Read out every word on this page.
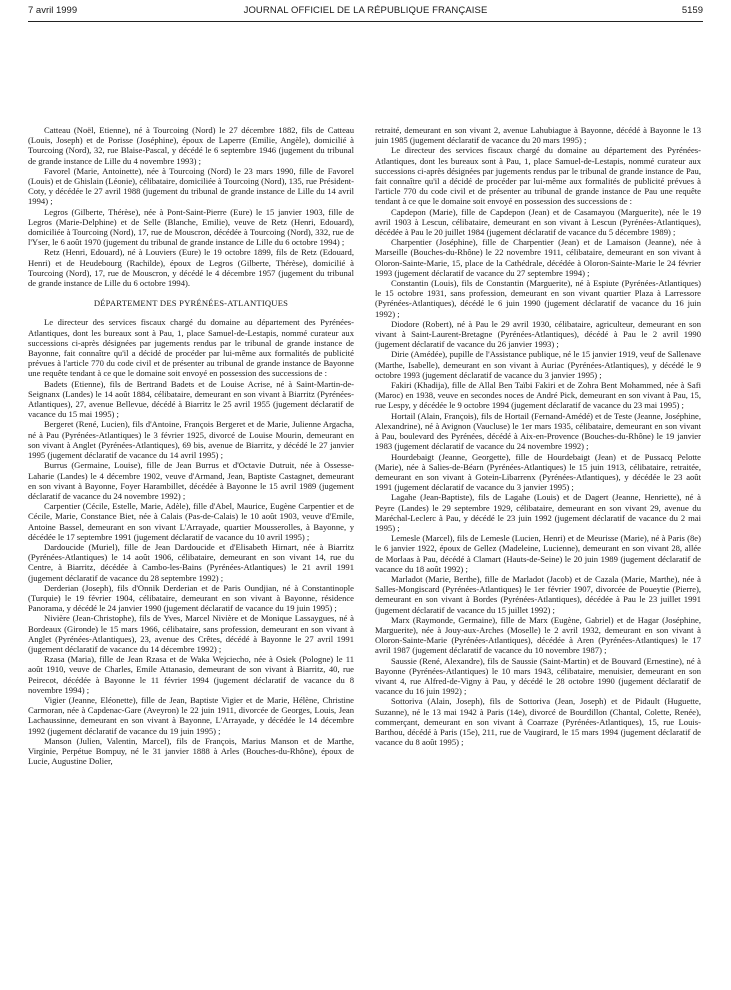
7 avril 1999	JOURNAL OFFICIEL DE LA RÉPUBLIQUE FRANÇAISE	5159

Catteau (Noël, Etienne), né à Tourcoing (Nord) le 27 décembre 1882, fils de Catteau (Louis, Joseph) et de Porisse (Joséphine), époux de Laperre (Emilie, Angèle), domicilié à Tourcoing (Nord), 32, rue Blaise-Pascal, y décédé le 6 septembre 1946 (jugement du tribunal de grande instance de Lille du 4 novembre 1993) ;

Favorel (Marie, Antoinette), née à Tourcoing (Nord) le 23 mars 1990, fille de Favorel (Louis) et de Ghislain (Léonie), célibataire, domiciliée à Tourcoing (Nord), 135, rue Président-Coty, y décédée le 27 avril 1988 (jugement du tribunal de grande instance de Lille du 14 avril 1994) ;

Legros (Gilberte, Thérèse), née à Pont-Saint-Pierre (Eure) le 15 janvier 1903, fille de Legros (Marie-Delphine) et de Selle (Blanche, Emilie), veuve de Retz (Henri, Edouard), domiciliée à Tourcoing (Nord), 17, rue de Mouscron, décédée à Tourcoing (Nord), 332, rue de l'Yser, le 6 août 1970 (jugement du tribunal de grande instance de Lille du 6 octobre 1994) ;

Retz (Henri, Edouard), né à Louviers (Eure) le 19 octobre 1899, fils de Retz (Edouard, Henri) et de Heudebourg (Rachilde), époux de Legros (Gilberte, Thérèse), domicilié à Tourcoing (Nord), 17, rue de Mouscron, y décédé le 4 décembre 1957 (jugement du tribunal de grande instance de Lille du 6 octobre 1994).

DÉPARTEMENT DES PYRÉNÉES-ATLANTIQUES

Le directeur des services fiscaux chargé du domaine au département des Pyrénées-Atlantiques, dont les bureaux sont à Pau, 1, place Samuel-de-Lestapis, nommé curateur aux successions ci-après désignées par jugements rendus par le tribunal de grande instance de Bayonne, fait connaître qu'il a décidé de procéder par lui-même aux formalités de publicité prévues à l'article 770 du code civil et de présenter au tribunal de grande instance de Bayonne une requête tendant à ce que le domaine soit envoyé en possession des successions de :

Badets (Etienne), fils de Bertrand Badets et de Louise Acrise, né à Saint-Martin-de-Seignanx (Landes) le 14 août 1884, célibataire, demeurant en son vivant à Biarritz (Pyrénées-Atlantiques), 27, avenue Bellevue, décédé à Biarritz le 25 avril 1955 (jugement déclaratif de vacance du 15 mai 1995) ;

Bergeret (René, Lucien), fils d'Antoine, François Bergeret et de Marie, Julienne Argacha, né à Pau (Pyrénées-Atlantiques) le 3 février 1925, divorcé de Louise Mourin, demeurant en son vivant à Anglet (Pyrénées-Atlantiques), 69 bis, avenue de Biarritz, y décédé le 27 janvier 1995 (jugement déclaratif de vacance du 14 avril 1995) ;

Burrus (Germaine, Louise), fille de Jean Burrus et d'Octavie Dutruit, née à Ossesse-Laharie (Landes) le 4 décembre 1902, veuve d'Armand, Jean, Baptiste Castagnet, demeurant en son vivant à Bayonne, Foyer Harambillet, décédée à Bayonne le 15 avril 1989 (jugement déclaratif de vacance du 24 novembre 1992) ;

Carpentier (Cécile, Estelle, Marie, Adèle), fille d'Abel, Maurice, Eugène Carpentier et de Cécile, Marie, Constance Biet, née à Calais (Pas-de-Calais) le 10 août 1903, veuve d'Emile, Antoine Bassel, demeurant en son vivant L'Arrayade, quartier Mousserolles, à Bayonne, y décédée le 17 septembre 1991 (jugement déclaratif de vacance du 10 avril 1995) ;

Dardoucide (Muriel), fille de Jean Dardoucide et d'Elisabeth Hirnart, née à Biarritz (Pyrénées-Atlantiques) le 14 août 1906, célibataire, demeurant en son vivant 14, rue du Centre, à Biarritz, décédée à Cambo-les-Bains (Pyrénées-Atlantiques) le 21 avril 1991 (jugement déclaratif de vacance du 28 septembre 1992) ;

Derderian (Joseph), fils d'Onnik Derderian et de Paris Oundjian, né à Constantinople (Turquie) le 19 février 1904, célibataire, demeurant en son vivant à Bayonne, résidence Panorama, y décédé le 24 janvier 1990 (jugement déclaratif de vacance du 19 juin 1995) ;

Nivière (Jean-Christophe), fils de Yves, Marcel Nivière et de Monique Lassaygues, né à Bordeaux (Gironde) le 15 mars 1966, célibataire, sans profession, demeurant en son vivant à Anglet (Pyrénées-Atlantiques), 23, avenue des Crêtes, décédé à Bayonne le 27 avril 1991 (jugement déclaratif de vacance du 14 décembre 1992) ;

Rzasa (Maria), fille de Jean Rzasa et de Waka Wejciecho, née à Osiek (Pologne) le 11 août 1910, veuve de Charles, Emile Attanasio, demeurant de son vivant à Biarritz, 40, rue Peirecot, décédée à Bayonne le 11 février 1994 (jugement déclaratif de vacance du 8 novembre 1994) ;

Vigier (Jeanne, Eléonette), fille de Jean, Baptiste Vigier et de Marie, Hélène, Christine Carmoran, née à Capdenac-Gare (Aveyron) le 22 juin 1911, divorcée de Georges, Louis, Jean Lachaussinne, demeurant en son vivant à Bayonne, L'Arrayade, y décédée le 14 décembre 1992 (jugement déclaratif de vacance du 19 juin 1995) ;

Manson (Julien, Valentin, Marcel), fils de François, Marius Manson et de Marthe, Virginie, Perpétue Bompuy, né le 31 janvier 1888 à Arles (Bouches-du-Rhône), époux de Lucie, Augustine Dolier,

retraité, demeurant en son vivant 2, avenue Lahubiague à Bayonne, décédé à Bayonne le 13 juin 1985 (jugement déclaratif de vacance du 20 mars 1995) ;

Le directeur des services fiscaux chargé du domaine au département des Pyrénées-Atlantiques, dont les bureaux sont à Pau, 1, place Samuel-de-Lestapis, nommé curateur aux successions ci-après désignées par jugements rendus par le tribunal de grande instance de Pau, fait connaître qu'il a décidé de procéder par lui-même aux formalités de publicité prévues à l'article 770 du code civil et de présenter au tribunal de grande instance de Pau une requête tendant à ce que le domaine soit envoyé en possession des successions de :

Capdepon (Marie), fille de Capdepon (Jean) et de Casamayou (Marguerite), née le 19 avril 1903 à Lescun, célibataire, demeurant en son vivant à Lescun (Pyrénées-Atlantiques), décédée à Pau le 20 juillet 1984 (jugement déclaratif de vacance du 5 décembre 1989) ;

Charpentier (Joséphine), fille de Charpentier (Jean) et de Lamaison (Jeanne), née à Marseille (Bouches-du-Rhône) le 22 novembre 1911, célibataire, demeurant en son vivant à Oloron-Sainte-Marie, 15, place de la Cathédrale, décédée à Oloron-Sainte-Marie le 24 février 1993 (jugement déclaratif de vacance du 27 septembre 1994) ;

Constantin (Louis), fils de Constantin (Marguerite), né à Espiute (Pyrénées-Atlantiques) le 15 octobre 1931, sans profession, demeurant en son vivant quartier Plaza à Larressore (Pyrénées-Atlantiques), décédé le 6 juin 1990 (jugement déclaratif de vacance du 16 juin 1992) ;

Diodore (Robert), né à Pau le 29 avril 1930, célibataire, agriculteur, demeurant en son vivant à Saint-Laurent-Bretagne (Pyrénées-Atlantiques), décédé à Pau le 2 avril 1990 (jugement déclaratif de vacance du 26 janvier 1993) ;

Dirie (Amédée), pupille de l'Assistance publique, né le 15 janvier 1919, veuf de Sallenave (Marthe, Isabelle), demeurant en son vivant à Auriac (Pyrénées-Atlantiques), y décédé le 9 octobre 1993 (jugement déclaratif de vacance du 3 janvier 1995) ;

Fakiri (Khadija), fille de Allal Ben Taïbi Fakiri et de Zohra Bent Mohammed, née à Safi (Maroc) en 1938, veuve en secondes noces de André Pick, demeurant en son vivant à Pau, 15, rue Lespy, y décédée le 9 octobre 1994 (jugement déclaratif de vacance du 23 mai 1995) ;

Hortail (Alain, François), fils de Hortail (Fernand-Amédé) et de Teste (Jeanne, Joséphine, Alexandrine), né à Avignon (Vaucluse) le 1er mars 1935, célibataire, demeurant en son vivant à Pau, boulevard des Pyrénées, décédé à Aix-en-Provence (Bouches-du-Rhône) le 19 janvier 1983 (jugement déclaratif de vacance du 24 novembre 1992) ;

Hourdebaigt (Jeanne, Georgette), fille de Hourdebaigt (Jean) et de Pussacq Pelotte (Marie), née à Salies-de-Béarn (Pyrénées-Atlantiques) le 15 juin 1913, célibataire, retraitée, demeurant en son vivant à Gotein-Libarrenx (Pyrénées-Atlantiques), y décédée le 23 août 1991 (jugement déclaratif de vacance du 3 janvier 1995) ;

Lagahe (Jean-Baptiste), fils de Lagahe (Louis) et de Dagert (Jeanne, Henriette), né à Peyre (Landes) le 29 septembre 1929, célibataire, demeurant en son vivant 29, avenue du Maréchal-Leclerc à Pau, y décédé le 23 juin 1992 (jugement déclaratif de vacance du 2 mai 1995) ;

Lemesle (Marcel), fils de Lemesle (Lucien, Henri) et de Meurisse (Marie), né à Paris (8e) le 6 janvier 1922, époux de Gellez (Madeleine, Lucienne), demeurant en son vivant 28, allée de Morlaas à Pau, décédé à Clamart (Hauts-de-Seine) le 20 juin 1989 (jugement déclaratif de vacance du 18 août 1992) ;

Marladot (Marie, Berthe), fille de Marladot (Jacob) et de Cazala (Marie, Marthe), née à Salles-Mongiscard (Pyrénées-Atlantiques) le 1er février 1907, divorcée de Poueytie (Pierre), demeurant en son vivant à Bordes (Pyrénées-Atlantiques), décédée à Pau le 23 juillet 1991 (jugement déclaratif de vacance du 15 juillet 1992) ;

Marx (Raymonde, Germaine), fille de Marx (Eugène, Gabriel) et de Hagar (Joséphine, Marguerite), née à Jouy-aux-Arches (Moselle) le 2 avril 1932, demeurant en son vivant à Oloron-Sainte-Marie (Pyrénées-Atlantiques), décédée à Aren (Pyrénées-Atlantiques) le 17 avril 1987 (jugement déclaratif de vacance du 10 novembre 1987) ;

Saussie (René, Alexandre), fils de Saussie (Saint-Martin) et de Bouvard (Ernestine), né à Bayonne (Pyrénées-Atlantiques) le 10 mars 1943, célibataire, menuisier, demeurant en son vivant 4, rue Alfred-de-Vigny à Pau, y décédé le 28 octobre 1990 (jugement déclaratif de vacance du 16 juin 1992) ;

Sottoriva (Alain, Joseph), fils de Sottoriva (Jean, Joseph) et de Pidault (Huguette, Suzanne), né le 13 mai 1942 à Paris (14e), divorcé de Bourdillon (Chantal, Colette, Renée), commerçant, demeurant en son vivant à Coarraze (Pyrénées-Atlantiques), 15, rue Louis-Barthou, décédé à Paris (15e), 211, rue de Vaugirard, le 15 mars 1994 (jugement déclaratif de vacance du 8 août 1995) ;
